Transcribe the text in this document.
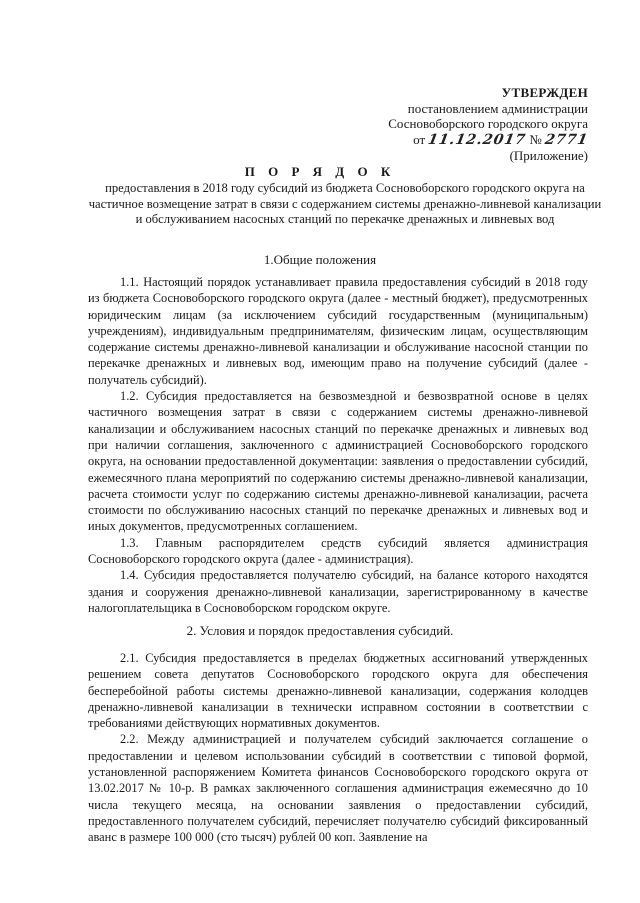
УТВЕРЖДЕН
постановлением администрации
Сосновоборского городского округа
от 11.12.2017 № 2771
(Приложение)
П О Р Я Д О К
предоставления в 2018 году субсидий из бюджета Сосновоборского городского округа на частичное возмещение затрат в связи с содержанием системы дренажно-ливневой канализации и обслуживанием насосных станций по перекачке дренажных и ливневых вод
1.Общие положения

1.1. Настоящий порядок устанавливает правила предоставления субсидий в 2018 году из бюджета Сосновоборского городского округа (далее - местный бюджет), предусмотренных юридическим лицам (за исключением субсидий государственным (муниципальным) учреждениям), индивидуальным предпринимателям, физическим лицам, осуществляющим содержание системы дренажно-ливневой канализации и обслуживание насосной станции по перекачке дренажных и ливневых вод, имеющим право на получение субсидий (далее - получатель субсидий).

1.2. Субсидия предоставляется на безвозмездной и безвозвратной основе в целях частичного возмещения затрат в связи с содержанием системы дренажно-ливневой канализации и обслуживанием насосных станций по перекачке дренажных и ливневых вод при наличии соглашения, заключенного с администрацией Сосновоборского городского округа, на основании предоставленной документации: заявления о предоставлении субсидий, ежемесячного плана мероприятий по содержанию системы дренажно-ливневой канализации, расчета стоимости услуг по содержанию системы дренажно-ливневой канализации, расчета стоимости по обслуживанию насосных станций по перекачке дренажных и ливневых вод и иных документов, предусмотренных соглашением.

1.3. Главным распорядителем средств субсидий является администрация Сосновоборского городского округа (далее - администрация).

1.4. Субсидия предоставляется получателю субсидий, на балансе которого находятся здания и сооружения дренажно-ливневой канализации, зарегистрированному в качестве налогоплательщика в Сосновоборском городском округе.

2. Условия и порядок предоставления субсидий.

2.1. Субсидия предоставляется в пределах бюджетных ассигнований утвержденных решением совета депутатов Сосновоборского городского округа для обеспечения бесперебойной работы системы дренажно-ливневой канализации, содержания колодцев дренажно-ливневой канализации в технически исправном состоянии в соответствии с требованиями действующих нормативных документов.

2.2. Между администрацией и получателем субсидий заключается соглашение о предоставлении и целевом использовании субсидий в соответствии с типовой формой, установленной распоряжением Комитета финансов Сосновоборского городского округа от 13.02.2017 № 10-р. В рамках заключенного соглашения администрация ежемесячно до 10 числа текущего месяца, на основании заявления о предоставлении субсидий, предоставленного получателем субсидий, перечисляет получателю субсидий фиксированный аванс в размере 100 000 (сто тысяч) рублей 00 коп. Заявление на
